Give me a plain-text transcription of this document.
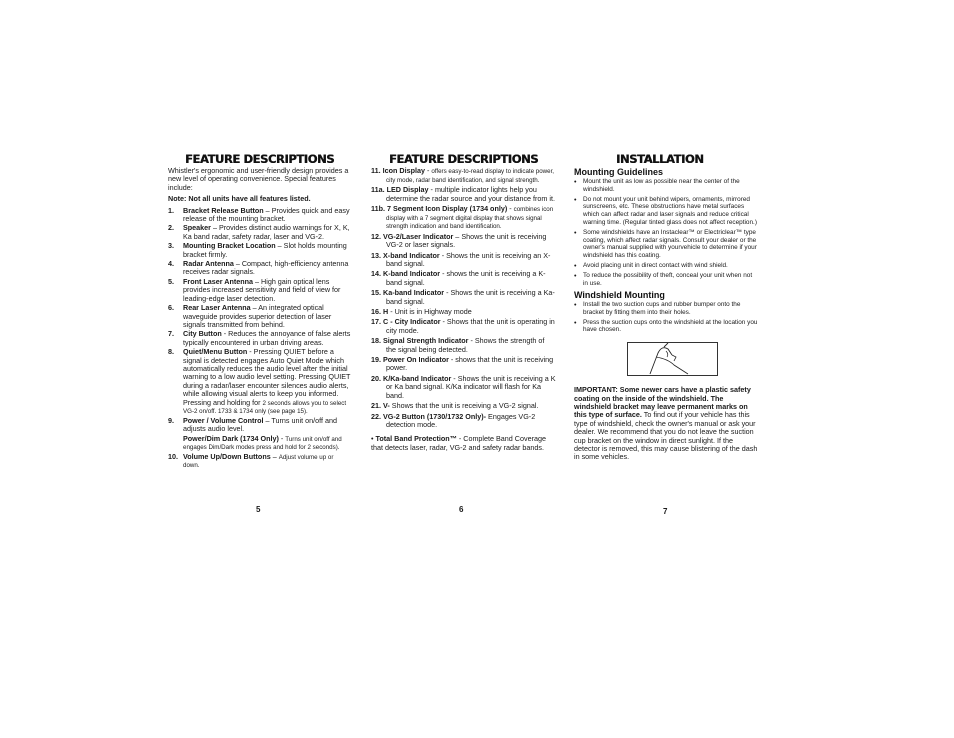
FEATURE DESCRIPTIONS

Whistler's ergonomic and user-friendly design provides a new level of operating convenience. Special features include:

Note: Not all units have all features listed.

1.	Bracket Release Button – Provides quick and easy release of the mounting bracket.
2.	Speaker – Provides distinct audio warnings for X, K, Ka band radar, safety radar, laser and VG-2.
3.	Mounting Bracket Location – Slot holds mounting bracket firmly.
4.	Radar Antenna – Compact, high-efficiency antenna receives radar signals.
5.	Front Laser Antenna – High gain optical lens provides increased sensitivity and field of view for leading-edge laser detection.
6.	Rear Laser Antenna – An integrated optical waveguide provides superior detection of laser signals transmitted from behind.
7.	City Button - Reduces the annoyance of false alerts typically encountered in urban driving areas.
8.	Quiet/Menu Button - Pressing QUIET before a signal is detected engages Auto Quiet Mode which automatically reduces the audio level after the initial warning to a low audio level setting. Pressing QUIET during a radar/laser encounter silences audio alerts, while allowing visual alerts to keep you informed. Pressing and holding for 2 seconds allows you to select VG-2 on/off. 1733 & 1734 only (see page 15).
9.	Power / Volume Control – Turns unit on/off and adjusts audio level.
Power/Dim Dark (1734 Only) - Turns unit on/off and engages Dim/Dark modes press and hold for 2 seconds).
10. Volume Up/Down Buttons – Adjust volume up or down.
FEATURE DESCRIPTIONS
11. Icon Display - offers easy-to-read display to indicate power, city mode, radar band identification, and signal strength.
11a. LED Display - multiple indicator lights help you determine the radar source and your distance from it.
11b. 7 Segment Icon Display (1734 only) - combines icon display with a 7 segment digital display that shows signal strength indication and band identification.
12. VG-2/Laser Indicator – Shows the unit is receiving VG-2 or laser signals.
13. X-band Indicator - Shows the unit is receiving an X-band signal.
14. K-band Indicator - shows the unit is receiving a K-band signal.
15. Ka-band Indicator - Shows the unit is receiving a Ka-band signal.
16. H - Unit is in Highway mode
17. C - City Indicator - Shows that the unit is operating in city mode.
18. Signal Strength Indicator - Shows the strength of the signal being detected.
19. Power On Indicator - shows that the unit is receiving power.
20. K/Ka-band Indicator - Shows the unit is receiving a K or Ka band signal. K/Ka indicator will flash for Ka band.
21. V- Shows that the unit is receiving a VG-2 signal.
22. VG-2 Button (1730/1732 Only)- Engages VG-2 detection mode.
• Total Band Protection™ - Complete Band Coverage that detects laser, radar, VG-2 and safety radar bands.
INSTALLATION
Mounting Guidelines
•	Mount the unit as low as possible near the center of the windshield.
•	Do not mount your unit behind wipers, ornaments, mirrored sunscreens, etc. These obstructions have metal surfaces which can affect radar and laser signals and reduce critical warning time. (Regular tinted glass does not affect reception.)
•	Some windshields have an Instaclear™ or Electriclear™ type coating, which affect radar signals. Consult your dealer or the owner's manual supplied with yourvehicle to determine if your windshield has this coating.
•	Avoid placing unit in direct contact with wind shield.
•	To reduce the possibility of theft, conceal your unit when not in use.
Windshield Mounting
•	Install the two suction cups and rubber bumper onto the bracket by fitting them into their holes.
•	Press the suction cups onto the windshield at the location you have chosen.

IMPORTANT: Some newer cars have a plastic safety coating on the inside of the windshield. The windshield bracket may leave permanent marks on this type of surface. To find out if your vehicle has this type of windshield, check the owner's manual or ask your dealer. We recommend that you do not leave the suction cup bracket on the window in direct sunlight. If the detector is removed, this may cause blistering of the dash in some vehicles.

5	6	7
